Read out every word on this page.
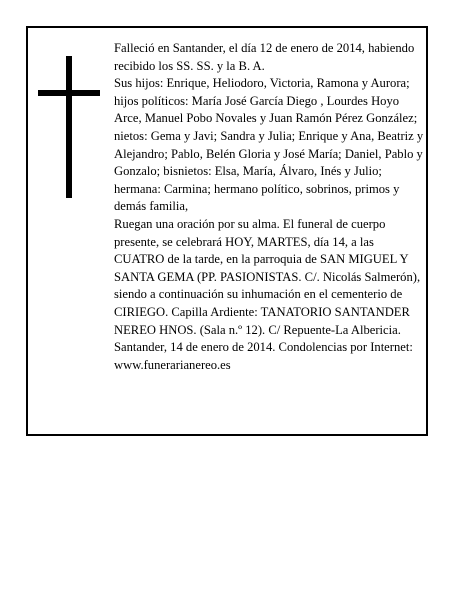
Falleció en Santander, el día 12 de enero de 2014, habiendo recibido los SS. SS. y la B. A.

Sus hijos: Enrique, Heliodoro, Victoria, Ramona y Aurora; hijos políticos: María José García Diego , Lourdes Hoyo Arce, Manuel Pobo Novales y Juan Ramón Pérez González; nietos: Gema y Javi; Sandra y Julia; Enrique y Ana, Beatriz y Alejandro; Pablo, Belén Gloria y José María; Daniel, Pablo y Gonzalo; bisnietos: Elsa, María, Álvaro, Inés y Julio; hermana: Carmina; hermano político, sobrinos, primos y demás familia,

Ruegan una oración por su alma. El funeral de cuerpo presente, se celebrará HOY, MARTES, día 14, a las CUATRO de la tarde, en la parroquia de SAN MIGUEL Y SANTA GEMA (PP. PASIONISTAS. C/. Nicolás Salmerón), siendo a continuación su inhumación en el cementerio de CIRIEGO. Capilla Ardiente: TANATORIO SANTANDER NEREO HNOS. (Sala n.º 12). C/ Repuente-La Albericia.

Santander, 14 de enero de 2014. Condolencias por Internet: www.funerarianereo.es
